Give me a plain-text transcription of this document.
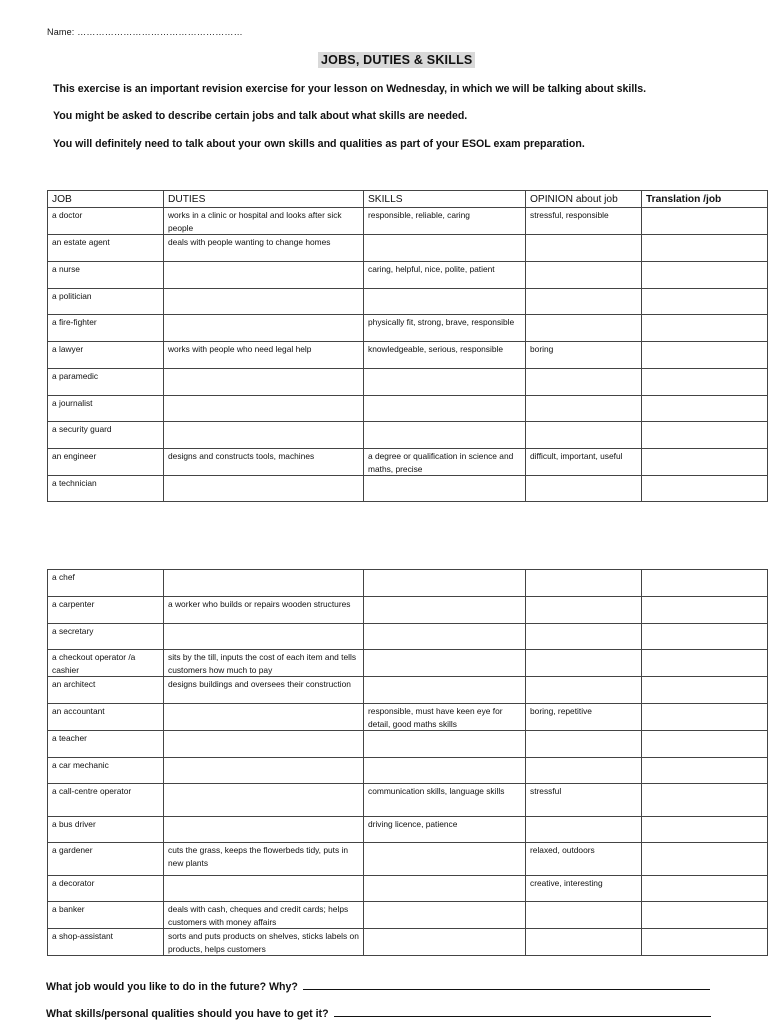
Name: ………………………………………………
JOBS, DUTIES & SKILLS
This exercise is an important revision exercise for your lesson on Wednesday, in which we will be talking about skills.
You might be asked to describe certain jobs and talk about what skills are needed.
You will definitely need to talk about your own skills and qualities as part of your ESOL exam preparation.
JOB	DUTIES	SKILLS	OPINION about job	Translation /job
a doctor	works in a clinic or hospital and looks after sick people	responsible, reliable, caring	stressful, responsible	
an estate agent	deals with people wanting to change homes			
a nurse		caring, helpful, nice, polite, patient		
a politician				
a fire-fighter		physically fit, strong, brave, responsible		
a lawyer	works with people who need legal help	knowledgeable, serious, responsible	boring	
a paramedic				
a journalist				
a security guard				
an engineer	designs and constructs tools, machines	a degree or qualification in science and maths, precise	difficult, important, useful	
a technician				
a chef				
a carpenter	a worker who builds or repairs wooden structures			
a secretary				
a checkout operator /a cashier	sits by the till, inputs the cost of each item and tells customers how much to pay			
an architect	designs buildings and oversees their construction			
an accountant		responsible, must have keen eye for detail, good maths skills	boring, repetitive	
a teacher				
a car mechanic				
a call-centre operator		communication skills, language skills	stressful	
a bus driver		driving licence, patience		
a gardener	cuts the grass, keeps the flowerbeds tidy, puts in new plants		relaxed, outdoors	
a decorator			creative, interesting	
a banker	deals with cash, cheques and credit cards; helps customers with money affairs			
a shop-assistant	sorts and puts products on shelves, sticks labels on products, helps customers			
What job would you like to do in the future? Why?
What skills/personal qualities should you have to get it?
